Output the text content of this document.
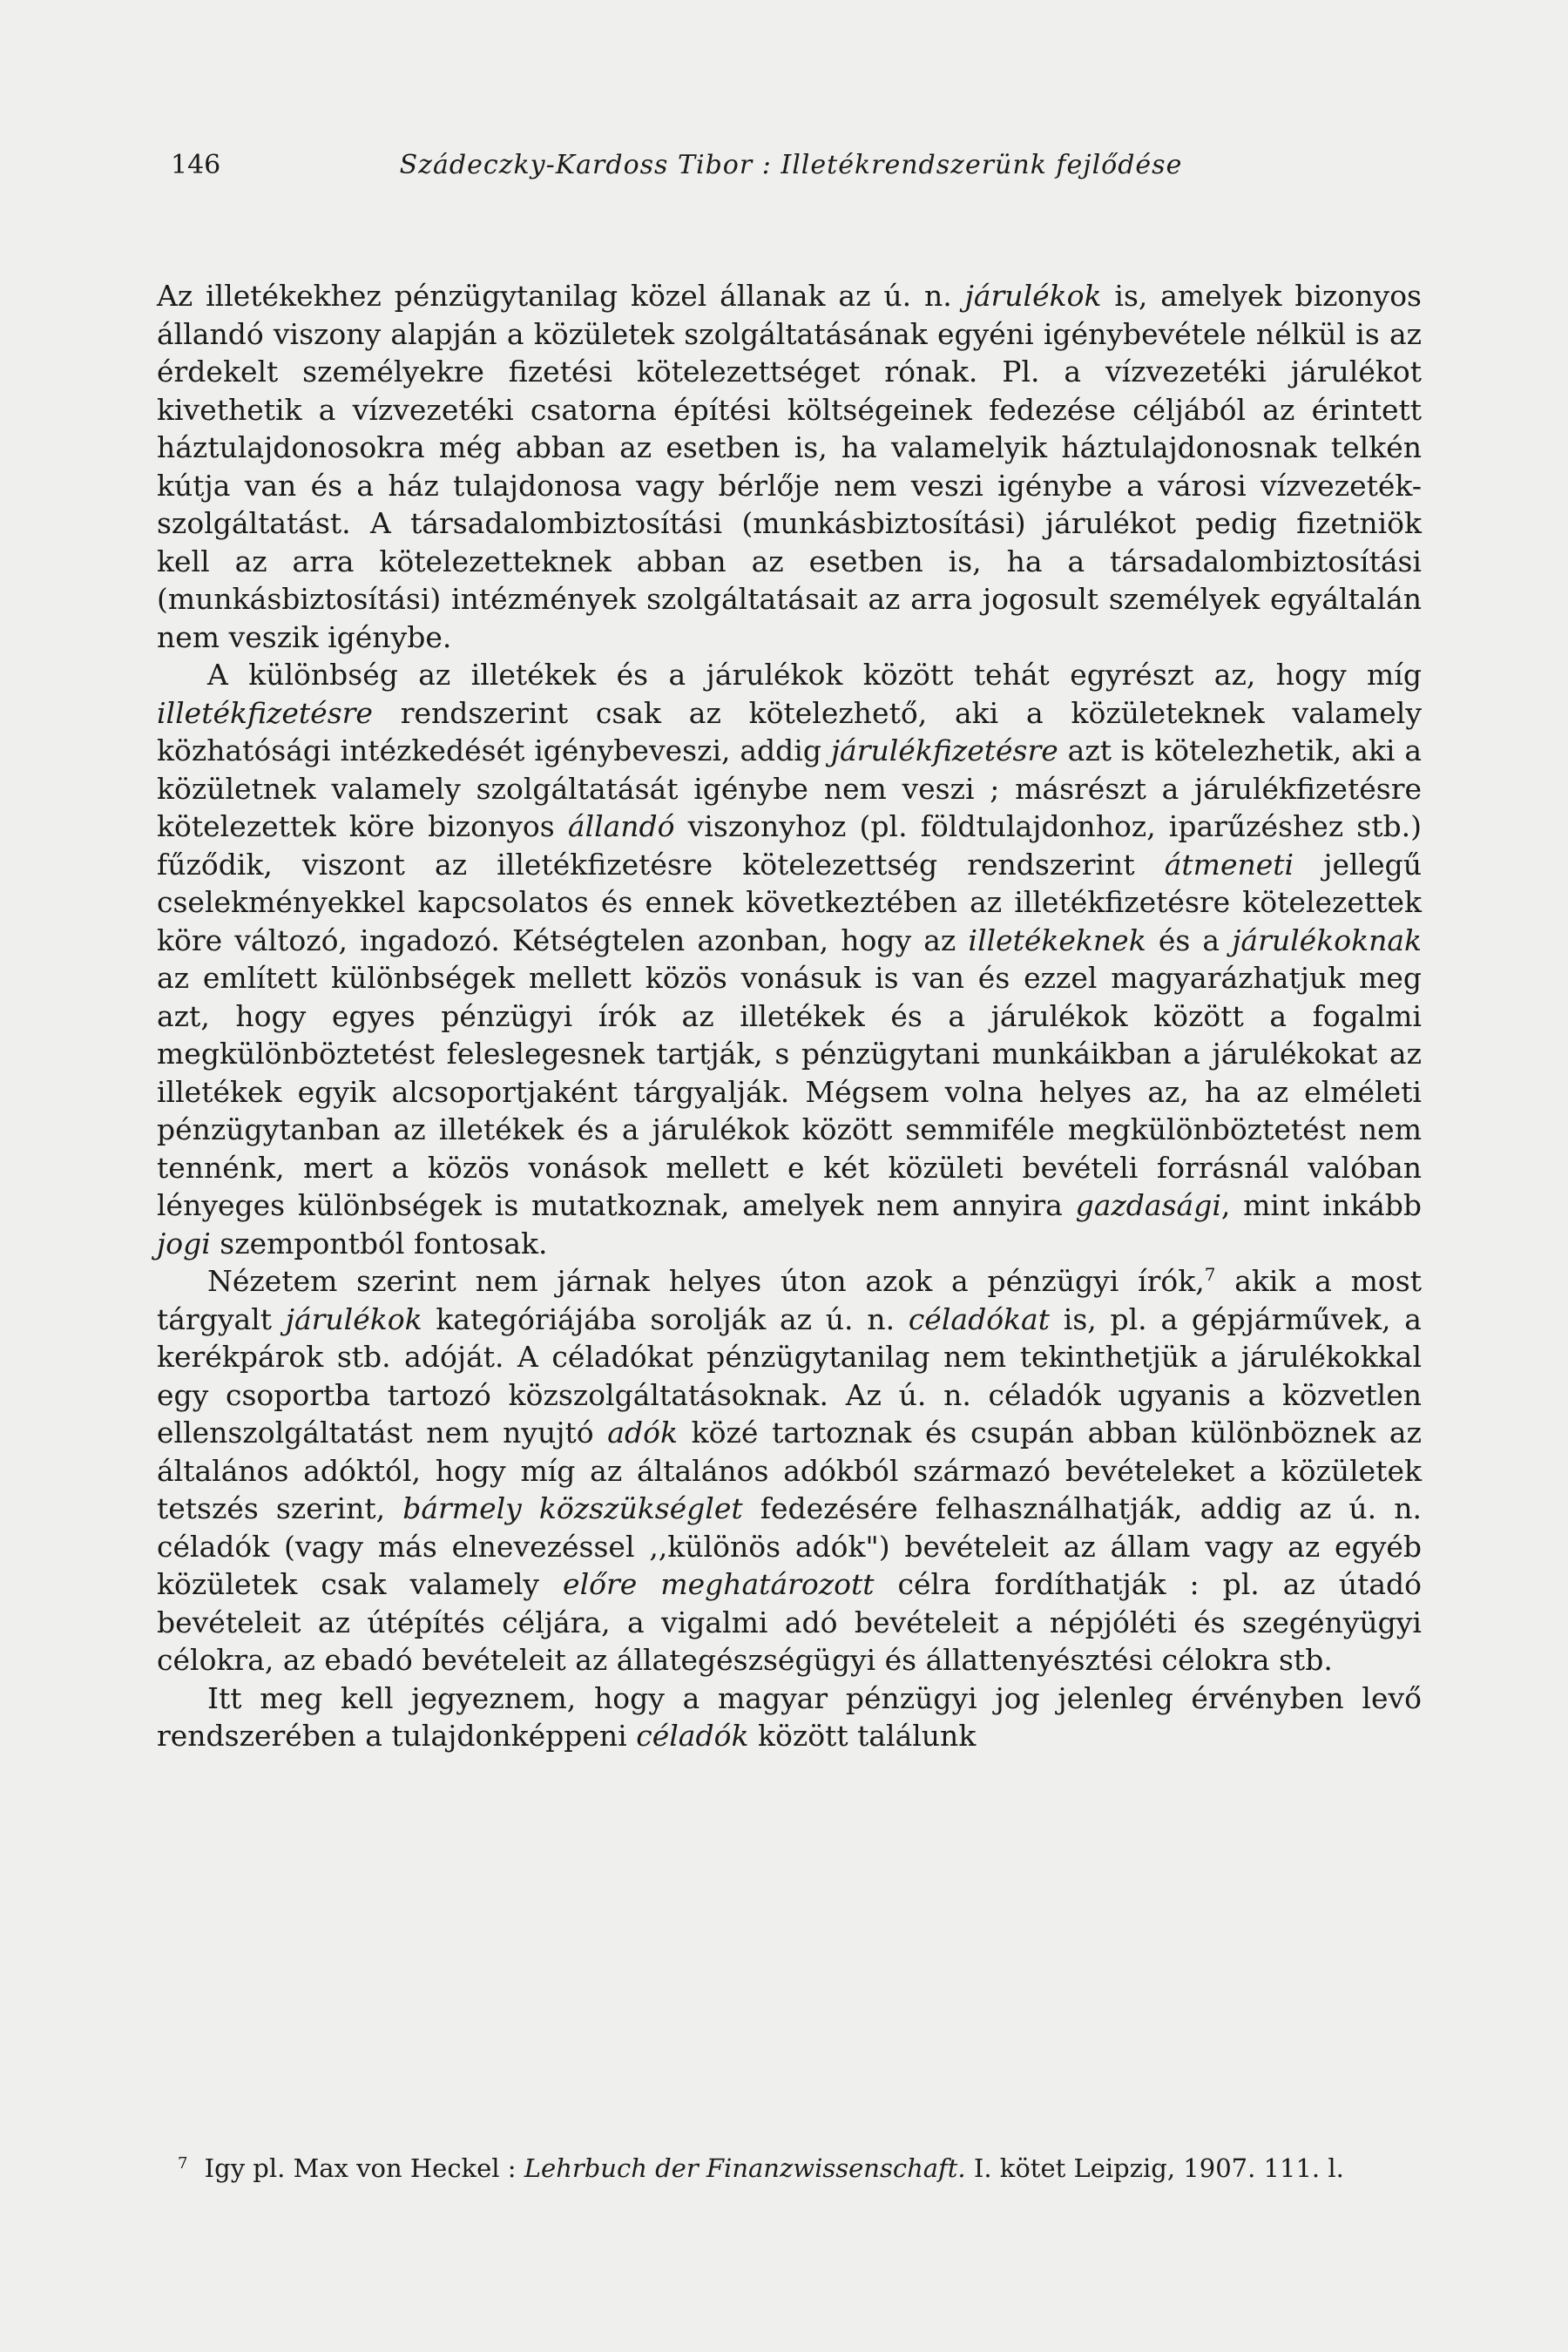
146	Szádeczky-Kardoss Tibor : Illetékrendszerünk fejlődése

Az illetékekhez pénzügytanilag közel állanak az ú. n. járulékok is, amelyek bizonyos állandó viszony alapján a közületek szolgáltatásának egyéni igénybevétele nélkül is az érdekelt személyekre fizetési kötelezettséget rónak. Pl. a vízvezetéki járulékot kivethetik a vízvezetéki csatorna építési költségeinek fedezése céljából az érintett háztulajdonosokra még abban az esetben is, ha valamelyik háztulajdonosnak telkén kútja van és a ház tulajdonosa vagy bérlője nem veszi igénybe a városi vízvezeték-szolgáltatást. A társadalombiztosítási (munkásbiztosítási) járulékot pedig fizetniök kell az arra kötelezetteknek abban az esetben is, ha a társadalombiztosítási (munkásbiztosítási) intézmények szolgáltatásait az arra jogosult személyek egyáltalán nem veszik igénybe.

A különbség az illetékek és a járulékok között tehát egyrészt az, hogy míg illetékfizetésre rendszerint csak az kötelezhető, aki a közületeknek valamely közhatósági intézkedését igénybeveszi, addig járulékfizetésre azt is kötelezhetik, aki a közületnek valamely szolgáltatását igénybe nem veszi ; másrészt a járulékfizetésre kötelezettek köre bizonyos állandó viszonyhoz (pl. földtulajdonhoz, iparűzéshez stb.) fűződik, viszont az illetékfizetésre kötelezettség rendszerint átmeneti jellegű cselekményekkel kapcsolatos és ennek következtében az illetékfizetésre kötelezettek köre változó, ingadozó. Kétségtelen azonban, hogy az illetékeknek és a járulékoknak az említett különbségek mellett közös vonásuk is van és ezzel magyarázhatjuk meg azt, hogy egyes pénzügyi írók az illetékek és a járulékok között a fogalmi megkülönböztetést feleslegesnek tartják, s pénzügytani munkáikban a járulékokat az illetékek egyik alcsoportjaként tárgyalják. Mégsem volna helyes az, ha az elméleti pénzügytanban az illetékek és a járulékok között semmiféle megkülönböztetést nem tennénk, mert a közös vonások mellett e két közületi bevételi forrásnál valóban lényeges különbségek is mutatkoznak, amelyek nem annyira gazdasági, mint inkább jogi szempontból fontosak.

Nézetem szerint nem járnak helyes úton azok a pénzügyi írók,$^7$ akik a most tárgyalt járulékok kategóriájába sorolják az ú. n. céladókat is, pl. a gépjárművek, a kerékpárok stb. adóját. A céladókat pénzügytanilag nem tekinthetjük a járulékokkal egy csoportba tartozó közszolgáltatásoknak. Az ú. n. céladók ugyanis a közvetlen ellenszolgáltatást nem nyujtó adók közé tartoznak és csupán abban különböznek az általános adóktól, hogy míg az általános adókból származó bevételeket a közületek tetszés szerint, bármely közszükséglet fedezésére felhasználhatják, addig az ú. n. céladók (vagy más elnevezéssel ,,különös adók") bevételeit az állam vagy az egyéb közületek csak valamely előre meghatározott célra fordíthatják : pl. az útadó bevételeit az útépítés céljára, a vigalmi adó bevételeit a népjóléti és szegényügyi célokra, az ebadó bevételeit az állategészségügyi és állattenyésztési célokra stb.

Itt meg kell jegyeznem, hogy a magyar pénzügyi jog jelenleg érvényben levő rendszerében a tulajdonképpeni céladók között találunk

$^7$ Igy pl. Max von Heckel : Lehrbuch der Finanzwissenschaft. I. kötet Leipzig, 1907. 111. l.
